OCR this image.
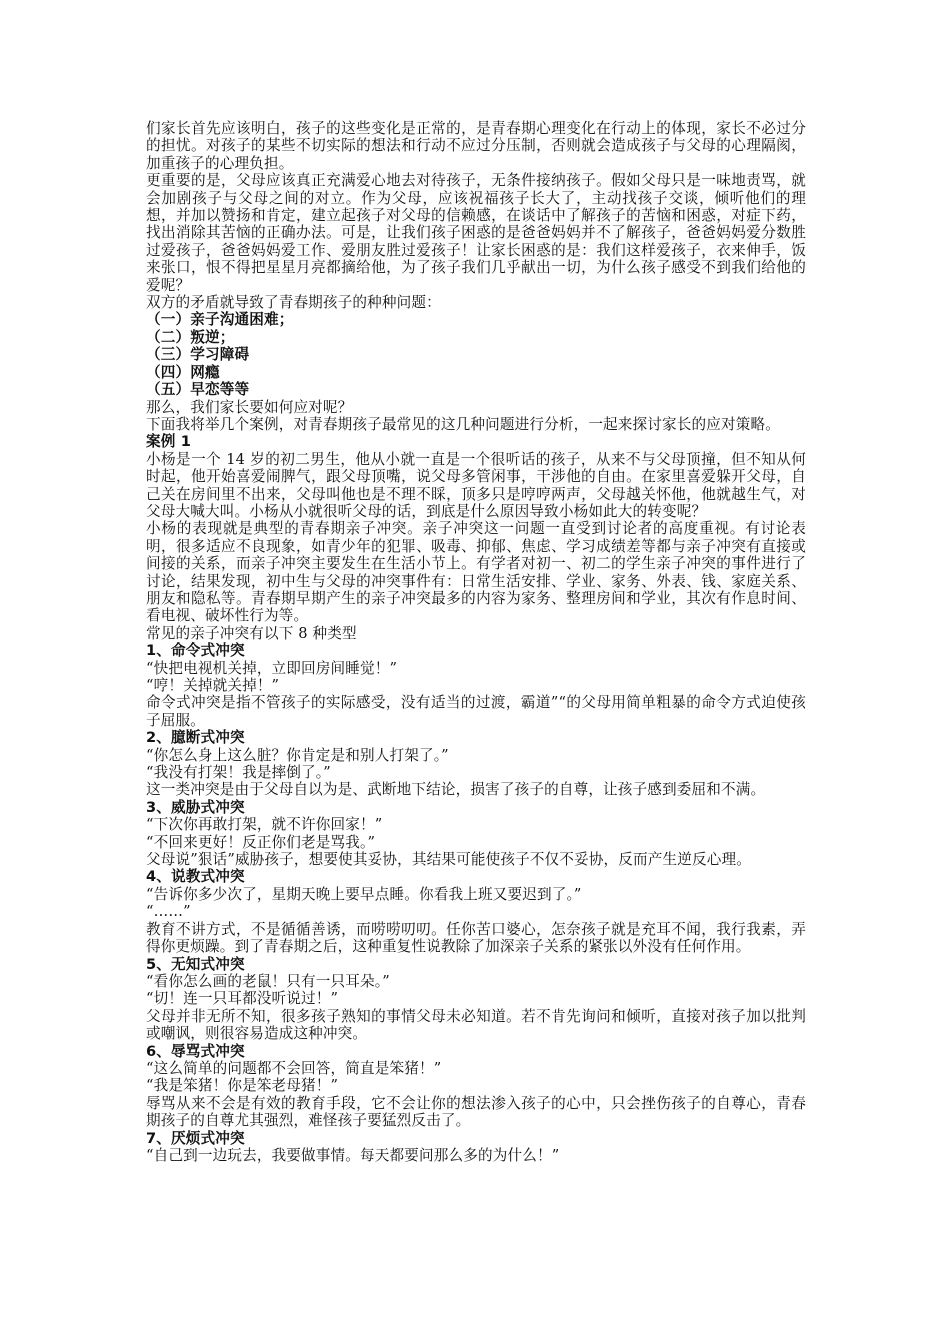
们家长首先应该明白，孩子的这些变化是正常的，是青春期心理变化在行动上的体现，家长不必过分的担忧。对孩子的某些不切实际的想法和行动不应过分压制，否则就会造成孩子与父母的心理隔阂，加重孩子的心理负担。

更重要的是，父母应该真正充满爱心地去对待孩子，无条件接纳孩子。假如父母只是一味地责骂，就会加剧孩子与父母之间的对立。作为父母，应该祝福孩子长大了，主动找孩子交谈，倾听他们的理想，并加以赞扬和肯定，建立起孩子对父母的信赖感，在谈话中了解孩子的苦恼和困惑，对症下药，找出消除其苦恼的正确办法。可是，让我们孩子困惑的是爸爸妈妈并不了解孩子，爸爸妈妈爱分数胜过爱孩子，爸爸妈妈爱工作、爱朋友胜过爱孩子！让家长困惑的是：我们这样爱孩子，衣来伸手，饭来张口，恨不得把星星月亮都摘给他，为了孩子我们几乎献出一切，为什么孩子感受不到我们给他的爱呢？

双方的矛盾就导致了青春期孩子的种种问题：

（一）亲子沟通困难；

（二）叛逆；

（三）学习障碍

（四）网瘾

（五）早恋等等

那么，我们家长要如何应对呢？

下面我将举几个案例，对青春期孩子最常见的这几种问题进行分析，一起来探讨家长的应对策略。

案例 1

小杨是一个 14 岁的初二男生，他从小就一直是一个很听话的孩子，从来不与父母顶撞，但不知从何时起，他开始喜爱闹脾气，跟父母顶嘴，说父母多管闲事，干涉他的自由。在家里喜爱躲开父母，自己关在房间里不出来，父母叫他也是不理不睬，顶多只是哼哼两声，父母越关怀他，他就越生气，对父母大喊大叫。小杨从小就很听父母的话，到底是什么原因导致小杨如此大的转变呢？

小杨的表现就是典型的青春期亲子冲突。亲子冲突这一问题一直受到讨论者的高度重视。有讨论表明，很多适应不良现象，如青少年的犯罪、吸毒、抑郁、焦虑、学习成绩差等都与亲子冲突有直接或间接的关系，而亲子冲突主要发生在生活小节上。有学者对初一、初二的学生亲子冲突的事件进行了讨论，结果发现，初中生与父母的冲突事件有：日常生活安排、学业、家务、外表、钱、家庭关系、朋友和隐私等。青春期早期产生的亲子冲突最多的内容为家务、整理房间和学业，其次有作息时间、看电视、破坏性行为等。

常见的亲子冲突有以下 8 种类型

1、命令式冲突

“快把电视机关掉，立即回房间睡觉！”

“哼！关掉就关掉！”

命令式冲突是指不管孩子的实际感受，没有适当的过渡，霸道”“的父母用简单粗暴的命令方式迫使孩子屈服。

2、臆断式冲突

“你怎么身上这么脏？你肯定是和别人打架了。”

“我没有打架！我是摔倒了。”

这一类冲突是由于父母自以为是、武断地下结论，损害了孩子的自尊，让孩子感到委屈和不满。

3、威胁式冲突

“下次你再敢打架，就不许你回家！”

“不回来更好！反正你们老是骂我。”

父母说”狠话”威胁孩子，想要使其妥协，其结果可能使孩子不仅不妥协，反而产生逆反心理。

4、说教式冲突

“告诉你多少次了，星期天晚上要早点睡。你看我上班又要迟到了。”

“……”

教育不讲方式，不是循循善诱，而唠唠叨叨。任你苦口婆心，怎奈孩子就是充耳不闻，我行我素，弄得你更烦躁。到了青春期之后，这种重复性说教除了加深亲子关系的紧张以外没有任何作用。

5、无知式冲突

“看你怎么画的老鼠！只有一只耳朵。”

“切！连一只耳都没听说过！”

父母并非无所不知，很多孩子熟知的事情父母未必知道。若不肯先询问和倾听，直接对孩子加以批判或嘲讽，则很容易造成这种冲突。

6、辱骂式冲突

“这么简单的问题都不会回答，简直是笨猪！”

“我是笨猪！你是笨老母猪！”

辱骂从来不会是有效的教育手段，它不会让你的想法渗入孩子的心中，只会挫伤孩子的自尊心，青春期孩子的自尊尤其强烈，难怪孩子要猛烈反击了。

7、厌烦式冲突

“自己到一边玩去，我要做事情。每天都要问那么多的为什么！”
